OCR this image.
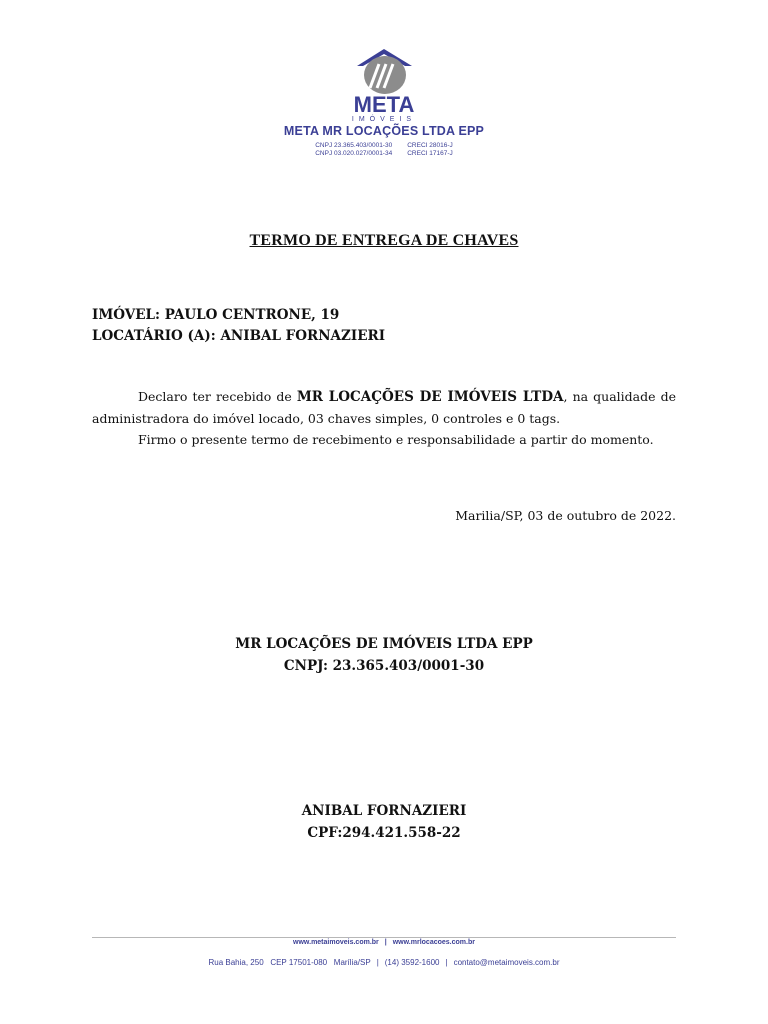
META
IMÓVEIS
META MR LOCAÇÕES LTDA EPP
CNPJ 23.365.403/0001-30 CRECI 28016-J
CNPJ 03.020.027/0001-34 CRECI 17167-J
TERMO DE ENTREGA DE CHAVES
IMÓVEL: PAULO CENTRONE, 19
LOCATÁRIO (A): ANIBAL FORNAZIERI

Declaro ter recebido de MR LOCAÇÕES DE IMÓVEIS LTDA, na qualidade de administradora do imóvel locado, 03 chaves simples, 0 controles e 0 tags.

Firmo o presente termo de recebimento e responsabilidade a partir do momento.

Marilia/SP, 03 de outubro de 2022.
MR LOCAÇÕES DE IMÓVEIS LTDA EPP
CNPJ: 23.365.403/0001-30
ANIBAL FORNAZIERI
CPF:294.421.558-22
www.metaimoveis.com.br | www.mrlocacoes.com.br
Rua Bahia, 250 CEP 17501-080 Marília/SP | (14) 3592-1600 | contato@metaimoveis.com.br
